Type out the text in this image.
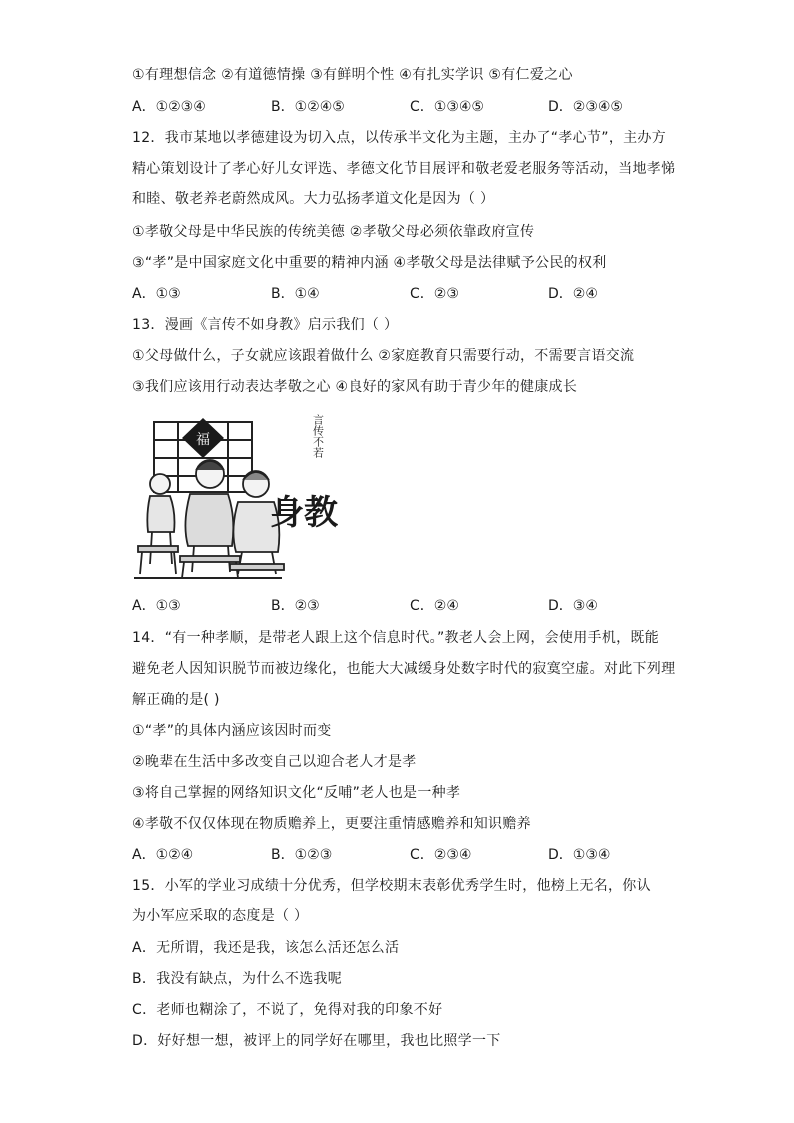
①有理想信念 ②有道德情操 ③有鲜明个性 ④有扎实学识 ⑤有仁爱之心
A．①②③④	B．①②④⑤	C．①③④⑤	D．②③④⑤
12．我市某地以孝德建设为切入点，以传承半文化为主题，主办了“孝心节”，主办方
精心策划设计了孝心好儿女评选、孝德文化节目展评和敬老爱老服务等活动，当地孝悌
和睦、敬老养老蔚然成风。大力弘扬孝道文化是因为（ ）
①孝敬父母是中华民族的传统美德 ②孝敬父母必须依靠政府宣传
③“孝”是中国家庭文化中重要的精神内涵 ④孝敬父母是法律赋予公民的权利
A．①③	B．①④	C．②③	D．②④
13．漫画《言传不如身教》启示我们（ ）
①父母做什么，子女就应该跟着做什么 ②家庭教育只需要行动，不需要言语交流
③我们应该用行动表达孝敬之心 ④良好的家风有助于青少年的健康成长
福	言传不若
身教
A．①③	B．②③	C．②④	D．③④
14．“有一种孝顺，是带老人跟上这个信息时代。”教老人会上网，会使用手机，既能
避免老人因知识脱节而被边缘化，也能大大减缓身处数字时代的寂寞空虚。对此下列理
解正确的是( )
①“孝”的具体内涵应该因时而变
②晚辈在生活中多改变自己以迎合老人才是孝
③将自己掌握的网络知识文化“反哺”老人也是一种孝
④孝敬不仅仅体现在物质赡养上，更要注重情感赡养和知识赡养
A．①②④	B．①②③	C．②③④	D．①③④
15．小军的学业习成绩十分优秀，但学校期末表彰优秀学生时，他榜上无名，你认
为小军应采取的态度是（ ）
A．无所谓，我还是我，该怎么活还怎么活
B．我没有缺点，为什么不选我呢
C．老师也糊涂了，不说了，免得对我的印象不好
D．好好想一想，被评上的同学好在哪里，我也比照学一下
